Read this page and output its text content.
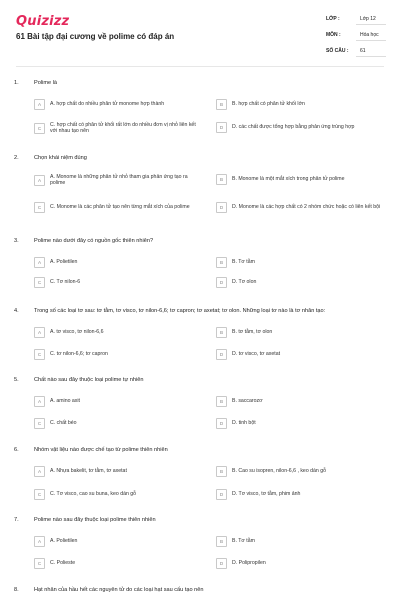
Quizizz
61 Bài tập đại cương về polime có đáp án
LỚP :	Lớp 12
MÔN :	Hóa học
SỐ CÂU : 61
1.	Polime là
A	A. hợp chất do nhiều phân tử monome hợp thành	B	B. hợp chất có phân tử khối lớn
C
C. hợp chất có phân tử khối rất lớn do nhiều đơn vị nhỏ liên kết với nhau tạo nên
D	D. các chất được tổng hợp bằng phản ứng trùng hợp
2.	Chọn khái niệm đúng
A
A. Monome là những phân tử nhỏ tham gia phản ứng tạo ra polime
B	B. Monome là một mắt xích trong phân tử polime
C	C. Monome là các phân tử tạo nên từng mắt xích của polime	D	D. Monome là các hợp chất có 2 nhóm chức hoặc có liên kết bội
3.	Polime nào dưới đây có nguồn gốc thiên nhiên?
A	A. Polietilen	B	B. Tơ tằm
C	C. Tơ nilon-6	D	D. Tơ olon
4.	Trong số các loại tơ sau: tơ tằm, tơ visco, tơ nilon-6,6; tơ capron; tơ axetat; tơ olon. Những loại tơ nào là tơ nhân tạo:
A	A. tơ visco, tơ nilon-6,6	B	B. tơ tằm, tơ olon
C	C. tơ nilon-6,6; tơ capron	D	D. tơ visco, tơ axetat
5.	Chất nào sau đây thuộc loại polime tự nhiên
A	A. amino axit	B	B. saccarozơ
C	C. chất béo	D	D. tinh bột
6.	Nhóm vật liệu nào được chế tạo từ polime thiên nhiên
A	A. Nhựa bakelit, tơ tằm, tơ axetat	B	B. Cao su isopren, nilon-6,6 , keo dán gỗ
C	C. Tơ visco, cao su buna, keo dán gỗ	D	D. Tơ visco, tơ tằm, phim ảnh
7.	Polime nào sau đây thuộc loại polime thiên nhiên
A	A. Polietilen	B	B. Tơ tằm
C	C. Polieste	D	D. Polipropilen
8.	Hạt nhân của hầu hết các nguyên tử do các loại hạt sau cấu tạo nên
